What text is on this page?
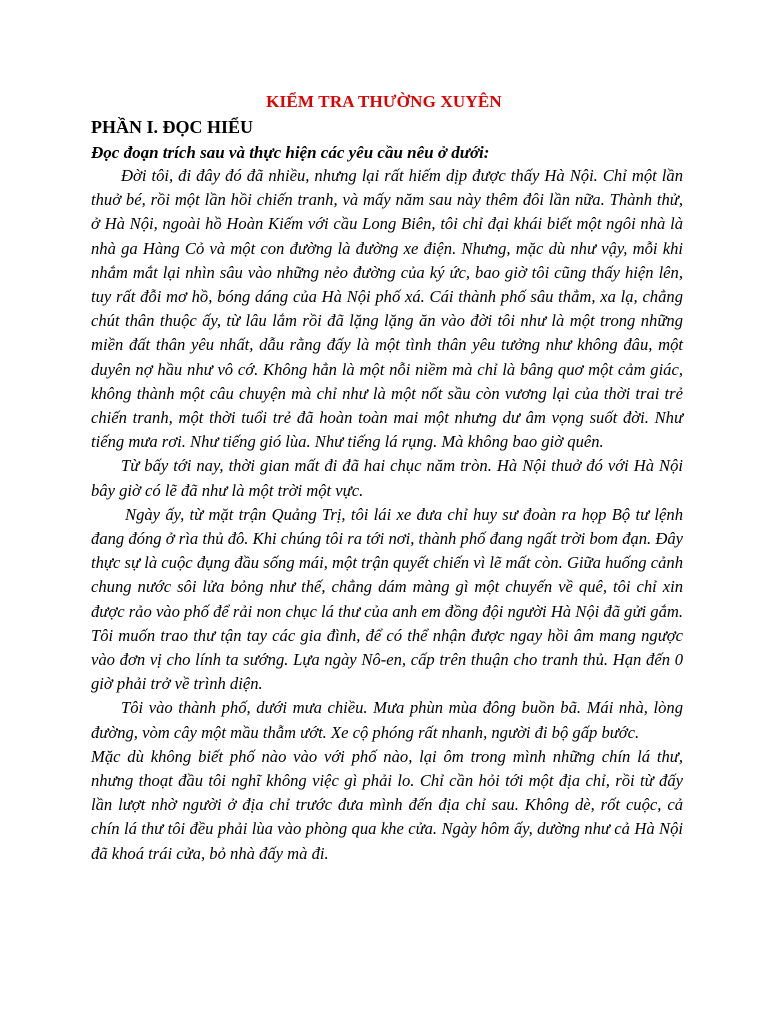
KIỂM TRA THƯỜNG XUYÊN
PHẦN I. ĐỌC HIỂU
Đọc đoạn trích sau và thực hiện các yêu cầu nêu ở dưới:

Đời tôi, đi đây đó đã nhiều, nhưng lại rất hiếm dịp được thấy Hà Nội. Chỉ một lần thuở bé, rồi một lần hồi chiến tranh, và mấy năm sau này thêm đôi lần nữa. Thành thử, ở Hà Nội, ngoài hồ Hoàn Kiếm với cầu Long Biên, tôi chỉ đại khái biết một ngôi nhà là nhà ga Hàng Cỏ và một con đường là đường xe điện. Nhưng, mặc dù như vậy, mỗi khi nhắm mắt lại nhìn sâu vào những nẻo đường của ký ức, bao giờ tôi cũng thấy hiện lên, tuy rất đỗi mơ hồ, bóng dáng của Hà Nội phố xá. Cái thành phố sâu thẳm, xa lạ, chẳng chút thân thuộc ấy, từ lâu lắm rồi đã lặng lặng ăn vào đời tôi như là một trong những miền đất thân yêu nhất, dẫu rằng đấy là một tình thân yêu tưởng như không đâu, một duyên nợ hầu như vô cớ. Không hẳn là một nỗi niềm mà chỉ là bâng quơ một cảm giác, không thành một câu chuyện mà chỉ như là một nốt sầu còn vương lại của thời trai trẻ chiến tranh, một thời tuổi trẻ đã hoàn toàn mai một nhưng dư âm vọng suốt đời. Như tiếng mưa rơi. Như tiếng gió lùa. Như tiếng lá rụng. Mà không bao giờ quên.

Từ bấy tới nay, thời gian mất đi đã hai chục năm tròn. Hà Nội thuở đó với Hà Nội bây giờ có lẽ đã như là một trời một vực.

Ngày ấy, từ mặt trận Quảng Trị, tôi lái xe đưa chỉ huy sư đoàn ra họp Bộ tư lệnh đang đóng ở rìa thủ đô. Khi chúng tôi ra tới nơi, thành phố đang ngất trời bom đạn. Đây thực sự là cuộc đụng đầu sống mái, một trận quyết chiến vì lẽ mất còn. Giữa huống cảnh chung nước sôi lửa bỏng như thế, chẳng dám màng gì một chuyến về quê, tôi chỉ xin được rảo vào phố để rải non chục lá thư của anh em đồng đội người Hà Nội đã gửi gắm. Tôi muốn trao thư tận tay các gia đình, để có thể nhận được ngay hồi âm mang ngược vào đơn vị cho lính ta sướng. Lựa ngày Nô-en, cấp trên thuận cho tranh thủ. Hạn đến 0 giờ phải trở về trình diện.

Tôi vào thành phố, dưới mưa chiều. Mưa phùn mùa đông buồn bã. Mái nhà, lòng đường, vòm cây một mầu thẫm ướt. Xe cộ phóng rất nhanh, người đi bộ gấp bước.

Mặc dù không biết phố nào vào với phố nào, lại ôm trong mình những chín lá thư, nhưng thoạt đầu tôi nghĩ không việc gì phải lo. Chỉ cần hỏi tới một địa chỉ, rồi từ đấy lần lượt nhờ người ở địa chỉ trước đưa mình đến địa chỉ sau. Không dè, rốt cuộc, cả chín lá thư tôi đều phải lùa vào phòng qua khe cửa. Ngày hôm ấy, dường như cả Hà Nội đã khoá trái cửa, bỏ nhà đấy mà đi.
